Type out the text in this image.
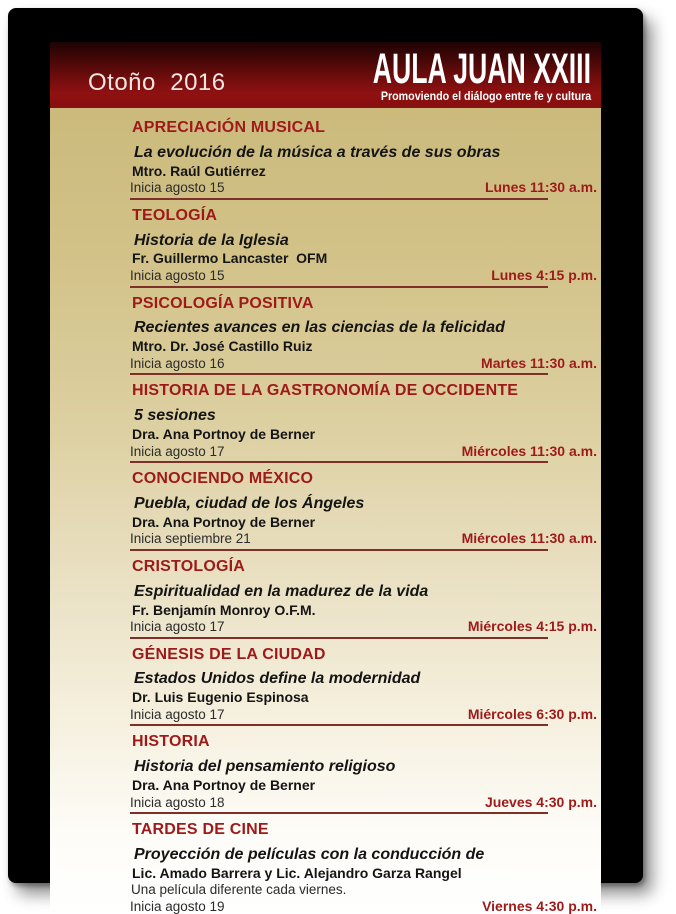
Otoño  2016	AULA JUAN XXIII
Promoviendo el diálogo entre fe y cultura
APRECIACIÓN MUSICAL
La evolución de la música a través de sus obras
Mtro. Raúl Gutiérrez
Inicia agosto 15	Lunes 11:30 a.m.
TEOLOGÍA
Historia de la Iglesia
Fr. Guillermo Lancaster  OFM
Inicia agosto 15	Lunes 4:15 p.m.
PSICOLOGÍA POSITIVA
Recientes avances en las ciencias de la felicidad
Mtro. Dr. José Castillo Ruiz
Inicia agosto 16	Martes 11:30 a.m.
HISTORIA DE LA GASTRONOMÍA DE OCCIDENTE
5 sesiones
Dra. Ana Portnoy de Berner
Inicia agosto 17	Miércoles 11:30 a.m.
CONOCIENDO MÉXICO
Puebla, ciudad de los Ángeles
Dra. Ana Portnoy de Berner
Inicia septiembre 21	Miércoles 11:30 a.m.
CRISTOLOGÍA
Espiritualidad en la madurez de la vida
Fr. Benjamín Monroy O.F.M.
Inicia agosto 17	Miércoles 4:15 p.m.
GÉNESIS DE LA CIUDAD
Estados Unidos define la modernidad
Dr. Luis Eugenio Espinosa
Inicia agosto 17	Miércoles 6:30 p.m.
HISTORIA
Historia del pensamiento religioso
Dra. Ana Portnoy de Berner
Inicia agosto 18	Jueves 4:30 p.m.
TARDES DE CINE
Proyección de películas con la conducción de
Lic. Amado Barrera y Lic. Alejandro Garza Rangel
Una película diferente cada viernes.
Inicia agosto 19	Viernes 4:30 p.m.
